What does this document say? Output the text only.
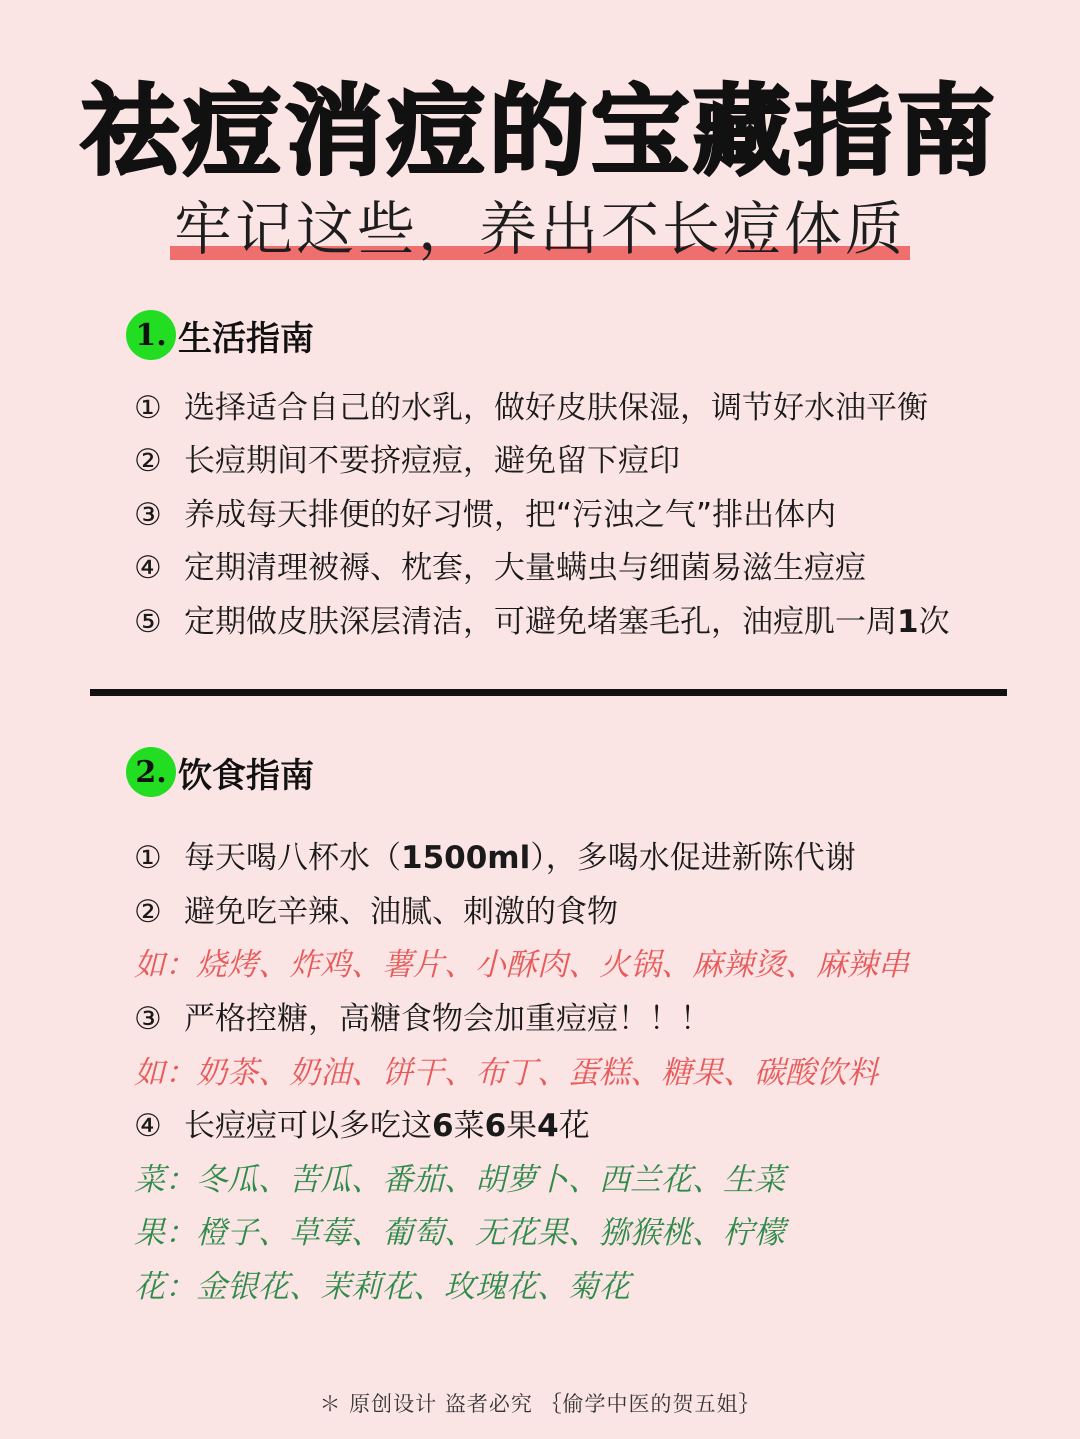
祛痘消痘的宝藏指南
牢记这些，养出不长痘体质
1. 生活指南
① 选择适合自己的水乳，做好皮肤保湿，调节好水油平衡
② 长痘期间不要挤痘痘，避免留下痘印
③ 养成每天排便的好习惯，把“污浊之气”排出体内
④ 定期清理被褥、枕套，大量螨虫与细菌易滋生痘痘
⑤ 定期做皮肤深层清洁，可避免堵塞毛孔，油痘肌一周1次
2. 饮食指南
① 每天喝八杯水（1500ml），多喝水促进新陈代谢
② 避免吃辛辣、油腻、刺激的食物
如：烧烤、炸鸡、薯片、小酥肉、火锅、麻辣烫、麻辣串
③ 严格控糖，高糖食物会加重痘痘！！！
如：奶茶、奶油、饼干、布丁、蛋糕、糖果、碳酸饮料
④ 长痘痘可以多吃这6菜6果4花
菜：冬瓜、苦瓜、番茄、胡萝卜、西兰花、生菜
果：橙子、草莓、葡萄、无花果、猕猴桃、柠檬
花：金银花、茉莉花、玫瑰花、菊花
＊ 原创设计 盗者必究 ｛偷学中医的贺五姐｝
